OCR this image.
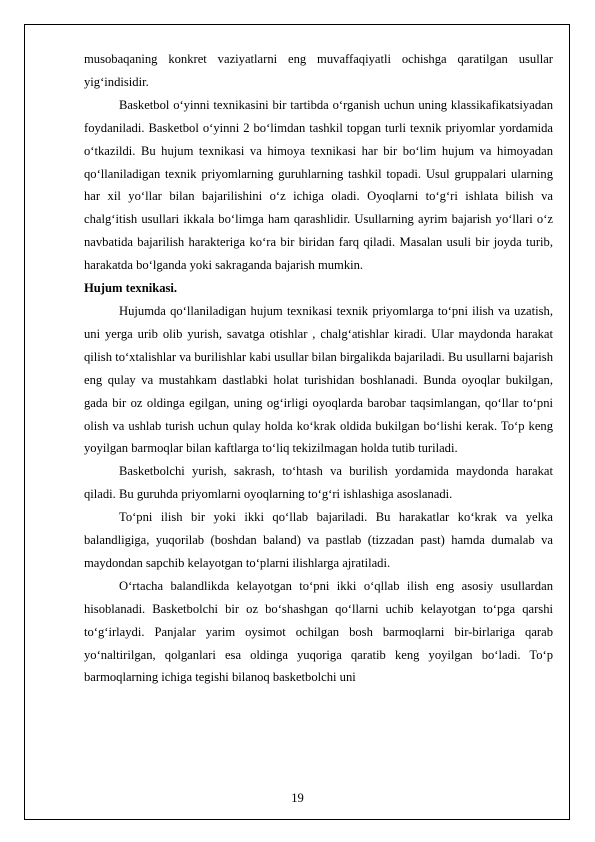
musobaqaning konkret vaziyatlarni eng muvaffaqiyatli ochishga qaratilgan usullar yig‘indisidir.

Basketbol o‘yinni texnikasini bir tartibda o‘rganish uchun uning klassikafikatsiyadan foydaniladi. Basketbol o‘yinni 2 bo‘limdan tashkil topgan turli texnik priyomlar yordamida o‘tkazildi. Bu hujum texnikasi va himoya texnikasi har bir bo‘lim hujum va himoyadan qo‘llaniladigan texnik priyomlarning guruhlarning tashkil topadi. Usul gruppalari ularning har xil yo‘llar bilan bajarilishini o‘z ichiga oladi. Oyoqlarni to‘g‘ri ishlata bilish va chalg‘itish usullari ikkala bo‘limga ham qarashlidir. Usullarning ayrim bajarish yo‘llari o‘z navbatida bajarilish harakteriga ko‘ra bir biridan farq qiladi. Masalan usuli bir joyda turib, harakatda bo‘lganda yoki sakraganda bajarish mumkin.

Hujum texnikasi.

Hujumda qo‘llaniladigan hujum texnikasi texnik priyomlarga to‘pni ilish va uzatish, uni yerga urib olib yurish, savatga otishlar , chalg‘atishlar kiradi. Ular maydonda harakat qilish to‘xtalishlar va burilishlar kabi usullar bilan birgalikda bajariladi. Bu usullarni bajarish eng qulay va mustahkam dastlabki holat turishidan boshlanadi. Bunda oyoqlar bukilgan, gada bir oz oldinga egilgan, uning og‘irligi oyoqlarda barobar taqsimlangan, qo‘llar to‘pni olish va ushlab turish uchun qulay holda ko‘krak oldida bukilgan bo‘lishi kerak. To‘p keng yoyilgan barmoqlar bilan kaftlarga to‘liq tekizilmagan holda tutib turiladi.

Basketbolchi yurish, sakrash, to‘htash va burilish yordamida maydonda harakat qiladi. Bu guruhda priyomlarni oyoqlarning to‘g‘ri ishlashiga asoslanadi.

To‘pni ilish bir yoki ikki qo‘llab bajariladi. Bu harakatlar ko‘krak va yelka balandligiga, yuqorilab (boshdan baland) va pastlab (tizzadan past) hamda dumalab va maydondan sapchib kelayotgan to‘plarni ilishlarga ajratiladi.

O‘rtacha balandlikda kelayotgan to‘pni ikki o‘qllab ilish eng asosiy usullardan hisoblanadi. Basketbolchi bir oz bo‘shashgan qo‘llarni uchib kelayotgan to‘pga qarshi to‘g‘irlaydi. Panjalar yarim oysimot ochilgan bosh barmoqlarni bir-birlariga qarab yo‘naltirilgan, qolganlari esa oldinga yuqoriga qaratib keng yoyilgan bo‘ladi. To‘p barmoqlarning ichiga tegishi bilanoq basketbolchi uni

19
